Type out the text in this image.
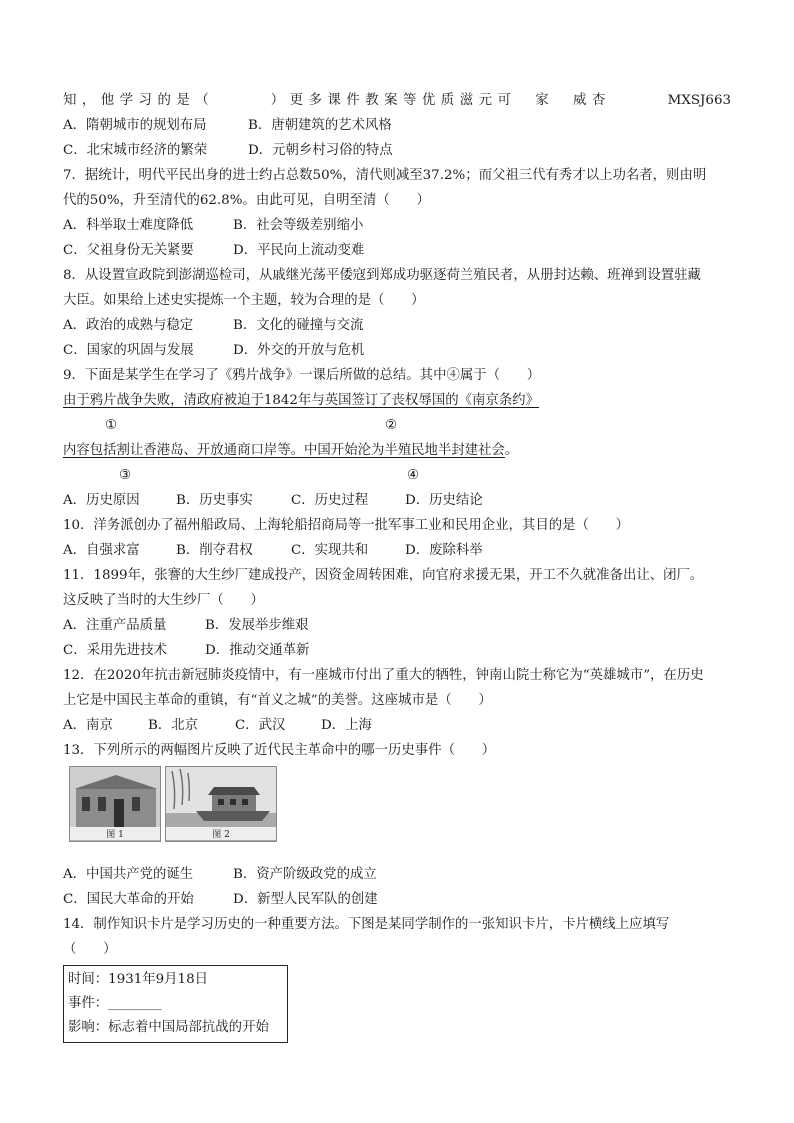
知，他学习的是（　　　）更多课件教案等优质滋元可　家　威杏	MXSJ663
A．隋朝城市的规划布局	B．唐朝建筑的艺术风格
C．北宋城市经济的繁荣	D．元朝乡村习俗的特点
7．据统计，明代平民出身的进士约占总数50%，清代则减至37.2%；而父祖三代有秀才以上功名者，则由明
代的50%，升至清代的62.8%。由此可见，自明至清（　　）
A．科举取士难度降低	B．社会等级差别缩小
C．父祖身份无关紧要	D．平民向上流动变难
8．从设置宣政院到澎湖巡检司，从戚继光荡平倭寇到郑成功驱逐荷兰殖民者，从册封达赖、班禅到设置驻藏
大臣。如果给上述史实提炼一个主题，较为合理的是（　　）
A．政治的成熟与稳定	B．文化的碰撞与交流
C．国家的巩固与发展	D．外交的开放与危机
9．下面是某学生在学习了《鸦片战争》一课后所做的总结。其中④属于（　　）
由于鸦片战争失败，清政府被迫于1842年与英国签订了丧权辱国的《南京条约》
①	②
内容包括割让香港岛、开放通商口岸等。中国开始沦为半殖民地半封建社会。
③	④
A．历史原因	B．历史事实	C．历史过程	D．历史结论
10．洋务派创办了福州船政局、上海轮船招商局等一批军事工业和民用企业，其目的是（　　）
A．自强求富	B．削夺君权	C．实现共和	D．废除科举
11．1899年，张謇的大生纱厂建成投产，因资金周转困难，向官府求援无果，开工不久就准备出让、闭厂。
这反映了当时的大生纱厂（　　）
A．注重产品质量	B．发展举步维艰
C．采用先进技术	D．推动交通革新
12．在2020年抗击新冠肺炎疫情中，有一座城市付出了重大的牺牲，钟南山院士称它为“英雄城市”，在历史
上它是中国民主革命的重镇，有“首义之城”的美誉。这座城市是（　　）
A．南京	B．北京	C．武汉	D．上海
13．下列所示的两幅图片反映了近代民主革命中的哪一历史事件（　　）
图 1	图 2
A．中国共产党的诞生	B．资产阶级政党的成立
C．国民大革命的开始	D．新型人民军队的创建
14．制作知识卡片是学习历史的一种重要方法。下图是某同学制作的一张知识卡片，卡片横线上应填写
（　　）
时间：1931年9月18日
事件：________
影响：标志着中国局部抗战的开始
